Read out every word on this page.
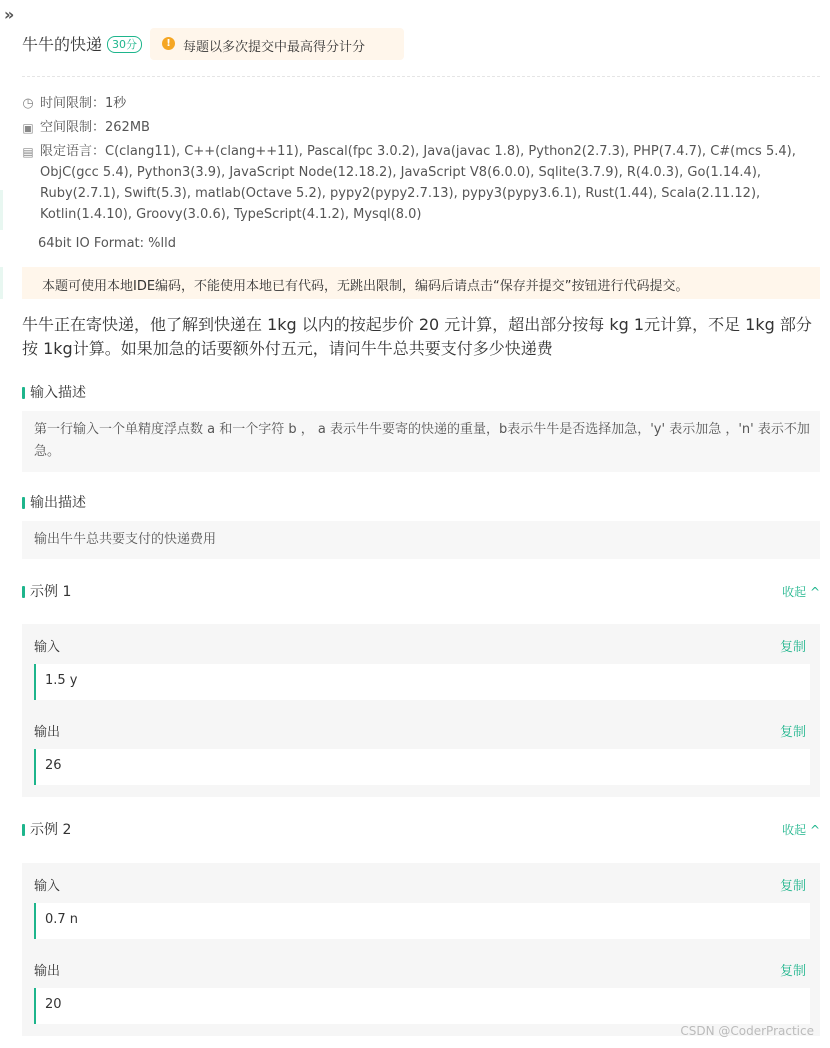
»
牛牛的快递 30分	! 每题以多次提交中最高得分计分
◷ 时间限制：1秒
▣ 空间限制：262MB
▤ 限定语言：C(clang11), C++(clang++11), Pascal(fpc 3.0.2), Java(javac 1.8), Python2(2.7.3), PHP(7.4.7), C#(mcs 5.4), ObjC(gcc 5.4), Python3(3.9), JavaScript Node(12.18.2), JavaScript V8(6.0.0), Sqlite(3.7.9), R(4.0.3), Go(1.14.4), Ruby(2.7.1), Swift(5.3), matlab(Octave 5.2), pypy2(pypy2.7.13), pypy3(pypy3.6.1), Rust(1.44), Scala(2.11.12), Kotlin(1.4.10), Groovy(3.0.6), TypeScript(4.1.2), Mysql(8.0)
64bit IO Format: %lld
本题可使用本地IDE编码，不能使用本地已有代码，无跳出限制，编码后请点击“保存并提交”按钮进行代码提交。
牛牛正在寄快递，他了解到快递在 1kg 以内的按起步价 20 元计算，超出部分按每 kg 1元计算，不足 1kg 部分按 1kg计算。如果加急的话要额外付五元，请问牛牛总共要支付多少快递费
输入描述
第一行输入一个单精度浮点数 a 和一个字符 b ， a 表示牛牛要寄的快递的重量，b表示牛牛是否选择加急，'y' 表示加急 ，'n' 表示不加急。
输出描述
输出牛牛总共要支付的快递费用
示例 1	收起 ^
输入	复制
1.5 y
输出	复制
26
示例 2	收起 ^
输入	复制
0.7 n
输出	复制
20
CSDN @CoderPractice
